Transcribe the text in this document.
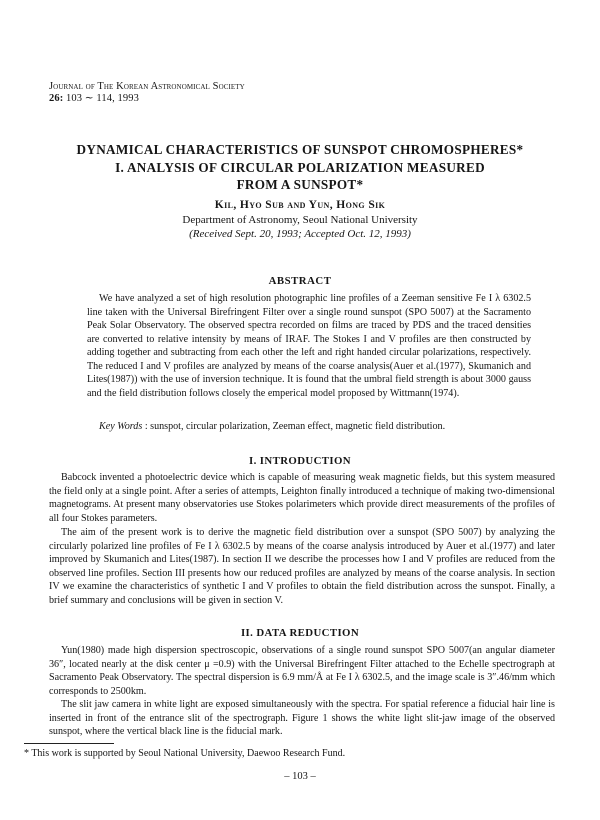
Journal of The Korean Astronomical Society
26: 103 ∼ 114, 1993
DYNAMICAL CHARACTERISTICS OF SUNSPOT CHROMOSPHERES*
I. ANALYSIS OF CIRCULAR POLARIZATION MEASURED
FROM A SUNSPOT*
Kil, Hyo Sub and Yun, Hong Sik
Department of Astronomy, Seoul National University
(Received Sept. 20, 1993; Accepted Oct. 12, 1993)
ABSTRACT
We have analyzed a set of high resolution photographic line profiles of a Zeeman sensitive Fe I λ 6302.5 line taken with the Universal Birefringent Filter over a single round sunspot (SPO 5007) at the Sacramento Peak Solar Observatory. The observed spectra recorded on films are traced by PDS and the traced densities are converted to relative intensity by means of IRAF. The Stokes I and V profiles are then constructed by adding together and subtracting from each other the left and right handed circular polarizations, respectively. The reduced I and V profiles are analyzed by means of the coarse analysis(Auer et al.(1977), Skumanich and Lites(1987)) with the use of inversion technique. It is found that the umbral field strength is about 3000 gauss and the field distribution follows closely the emperical model proposed by Wittmann(1974).
Key Words : sunspot, circular polarization, Zeeman effect, magnetic field distribution.
I. INTRODUCTION
Babcock invented a photoelectric device which is capable of measuring weak magnetic fields, but this system measured the field only at a single point. After a series of attempts, Leighton finally introduced a technique of making two-dimensional magnetograms. At present many observatories use Stokes polarimeters which provide direct measurements of the profiles of all four Stokes parameters.
The aim of the present work is to derive the magnetic field distribution over a sunspot (SPO 5007) by analyzing the circularly polarized line profiles of Fe I λ 6302.5 by means of the coarse analysis introduced by Auer et al.(1977) and later improved by Skumanich and Lites(1987). In section II we describe the processes how I and V profiles are reduced from the observed line profiles. Section III presents how our reduced profiles are analyzed by means of the coarse analysis. In section IV we examine the characteristics of synthetic I and V profiles to obtain the field distribution across the sunspot. Finally, a brief summary and conclusions will be given in section V.
II. DATA REDUCTION
Yun(1980) made high dispersion spectroscopic, observations of a single round sunspot SPO 5007(an angular diameter 36″, located nearly at the disk center μ =0.9) with the Universal Birefringent Filter attached to the Echelle spectrograph at Sacramento Peak Observatory. The spectral dispersion is 6.9 mm/Å at Fe I λ 6302.5, and the image scale is 3″.46/mm which corresponds to 2500km.
The slit jaw camera in white light are exposed simultaneously with the spectra. For spatial reference a fiducial hair line is inserted in front of the entrance slit of the spectrograph. Figure 1 shows the white light slit-jaw image of the observed sunspot, where the vertical black line is the fiducial mark.
* This work is supported by Seoul National University, Daewoo Research Fund.
– 103 –
